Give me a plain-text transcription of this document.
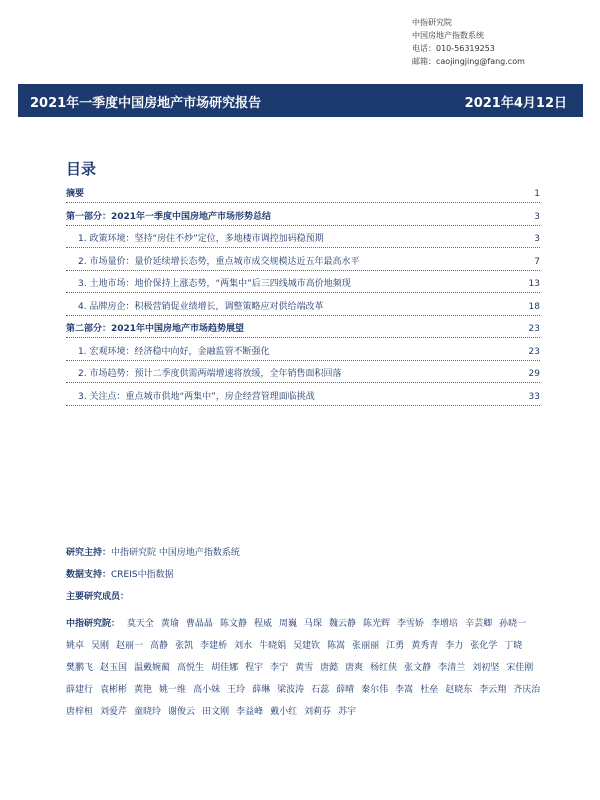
中指研究院
中国房地产指数系统
电话：010-56319253
邮箱：caojingjing@fang.com
2021年一季度中国房地产市场研究报告	2021年4月12日
目录
摘要	1
第一部分：2021年一季度中国房地产市场形势总结	3
1. 政策环境：坚持“房住不炒”定位，多地楼市调控加码稳预期	3
2. 市场量价：量价延续增长态势，重点城市成交规模达近五年最高水平	7
3. 土地市场：地价保持上涨态势，“两集中”后三四线城市高价地频现	13
4. 品牌房企：积极营销促业绩增长，调整策略应对供给端改革	18
第二部分：2021年中国房地产市场趋势展望	23
1. 宏观环境：经济稳中向好，金融监管不断强化	23
2. 市场趋势：预计二季度供需两端增速将放缓，全年销售面积回落	29
3. 关注点：重点城市供地“两集中”，房企经营管理面临挑战	33
研究主持：中指研究院 中国房地产指数系统
数据支持：CREIS中指数据
主要研究成员：
中指研究院： 莫天全 黄瑜 曹晶晶 陈文静 程威 周巍 马琛 魏云静 陈光辉 李雪娇 李增培 辛芸卿 孙晓一姚卓 吴刚 赵丽一 高静 张凯 李建桥 刘水 牛晓娟 吴建钦 陈嵩 张丽丽 江勇 黄秀青 李力 张化学 丁晓樊鹏飞 赵玉国 温戴婉蔺 高悦生 胡佳娜 程宇 李宁 黄雪 唐懿 唐爽 杨红侠 张文静 李清兰 刘初坚 宋佳刚薛建行 袁彬彬 黄艳 姚一维 高小妹 王玲 薛琳 梁波涛 石蕊 薛晴 秦尔伟 李嵩 杜垒 赵晓东 李云翔 齐庆治唐梓桓 刘爱芹 童晓玲 谢俊云 田文刚 李益峰 戴小红 刘莉芬 苏宇
